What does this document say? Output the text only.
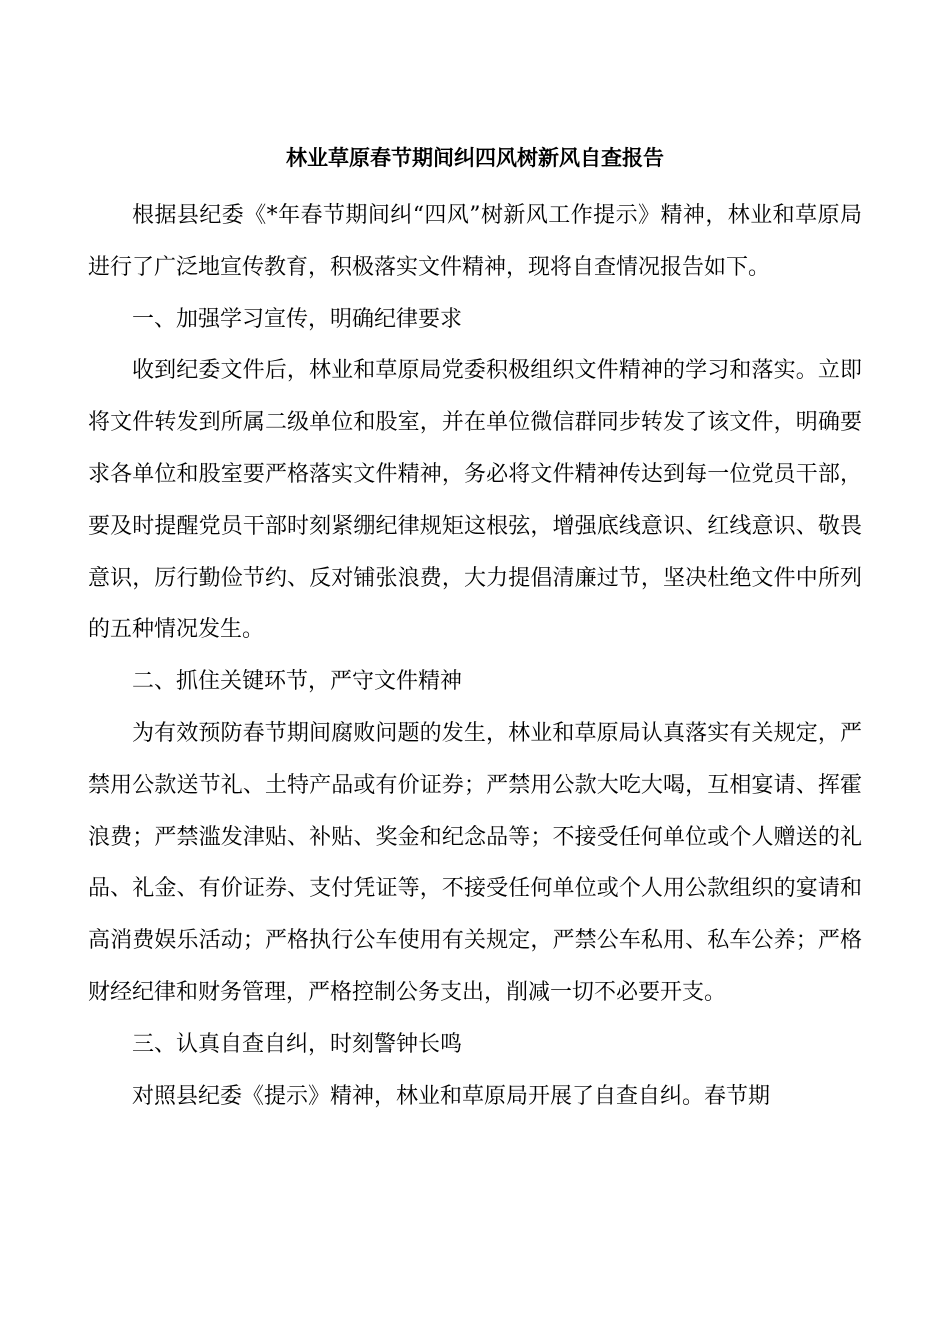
林业草原春节期间纠四风树新风自查报告

根据县纪委《*年春节期间纠“四风”树新风工作提示》精神，林业和草原局进行了广泛地宣传教育，积极落实文件精神，现将自查情况报告如下。

一、加强学习宣传，明确纪律要求

收到纪委文件后，林业和草原局党委积极组织文件精神的学习和落实。立即将文件转发到所属二级单位和股室，并在单位微信群同步转发了该文件，明确要求各单位和股室要严格落实文件精神，务必将文件精神传达到每一位党员干部，要及时提醒党员干部时刻紧绷纪律规矩这根弦，增强底线意识、红线意识、敬畏意识，厉行勤俭节约、反对铺张浪费，大力提倡清廉过节，坚决杜绝文件中所列的五种情况发生。

二、抓住关键环节，严守文件精神

为有效预防春节期间腐败问题的发生，林业和草原局认真落实有关规定，严禁用公款送节礼、土特产品或有价证券；严禁用公款大吃大喝，互相宴请、挥霍浪费；严禁滥发津贴、补贴、奖金和纪念品等；不接受任何单位或个人赠送的礼品、礼金、有价证券、支付凭证等，不接受任何单位或个人用公款组织的宴请和高消费娱乐活动；严格执行公车使用有关规定，严禁公车私用、私车公养；严格财经纪律和财务管理，严格控制公务支出，削减一切不必要开支。

三、认真自查自纠，时刻警钟长鸣

对照县纪委《提示》精神，林业和草原局开展了自查自纠。春节期
